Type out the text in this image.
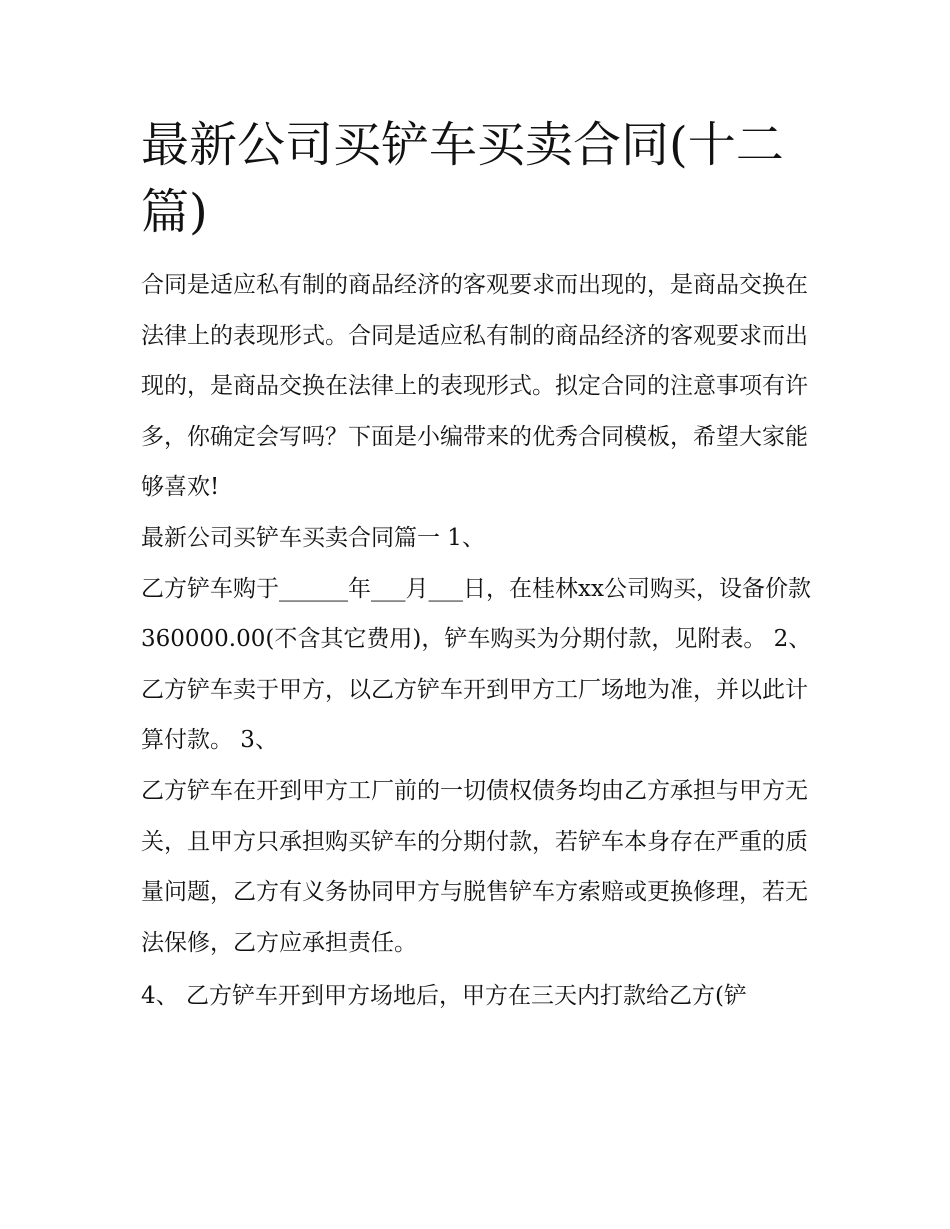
最新公司买铲车买卖合同(十二篇)

合同是适应私有制的商品经济的客观要求而出现的，是商品交换在法律上的表现形式。合同是适应私有制的商品经济的客观要求而出现的，是商品交换在法律上的表现形式。拟定合同的注意事项有许多，你确定会写吗？下面是小编带来的优秀合同模板，希望大家能够喜欢!

最新公司买铲车买卖合同篇一 1、

乙方铲车购于______年___月___日，在桂林xx公司购买，设备价款360000.00(不含其它费用)，铲车购买为分期付款，见附表。 2、

乙方铲车卖于甲方，以乙方铲车开到甲方工厂场地为准，并以此计算付款。 3、

乙方铲车在开到甲方工厂前的一切债权债务均由乙方承担与甲方无关，且甲方只承担购买铲车的分期付款，若铲车本身存在严重的质量问题，乙方有义务协同甲方与脱售铲车方索赔或更换修理，若无法保修，乙方应承担责任。

4、 乙方铲车开到甲方场地后，甲方在三天内打款给乙方(铲
